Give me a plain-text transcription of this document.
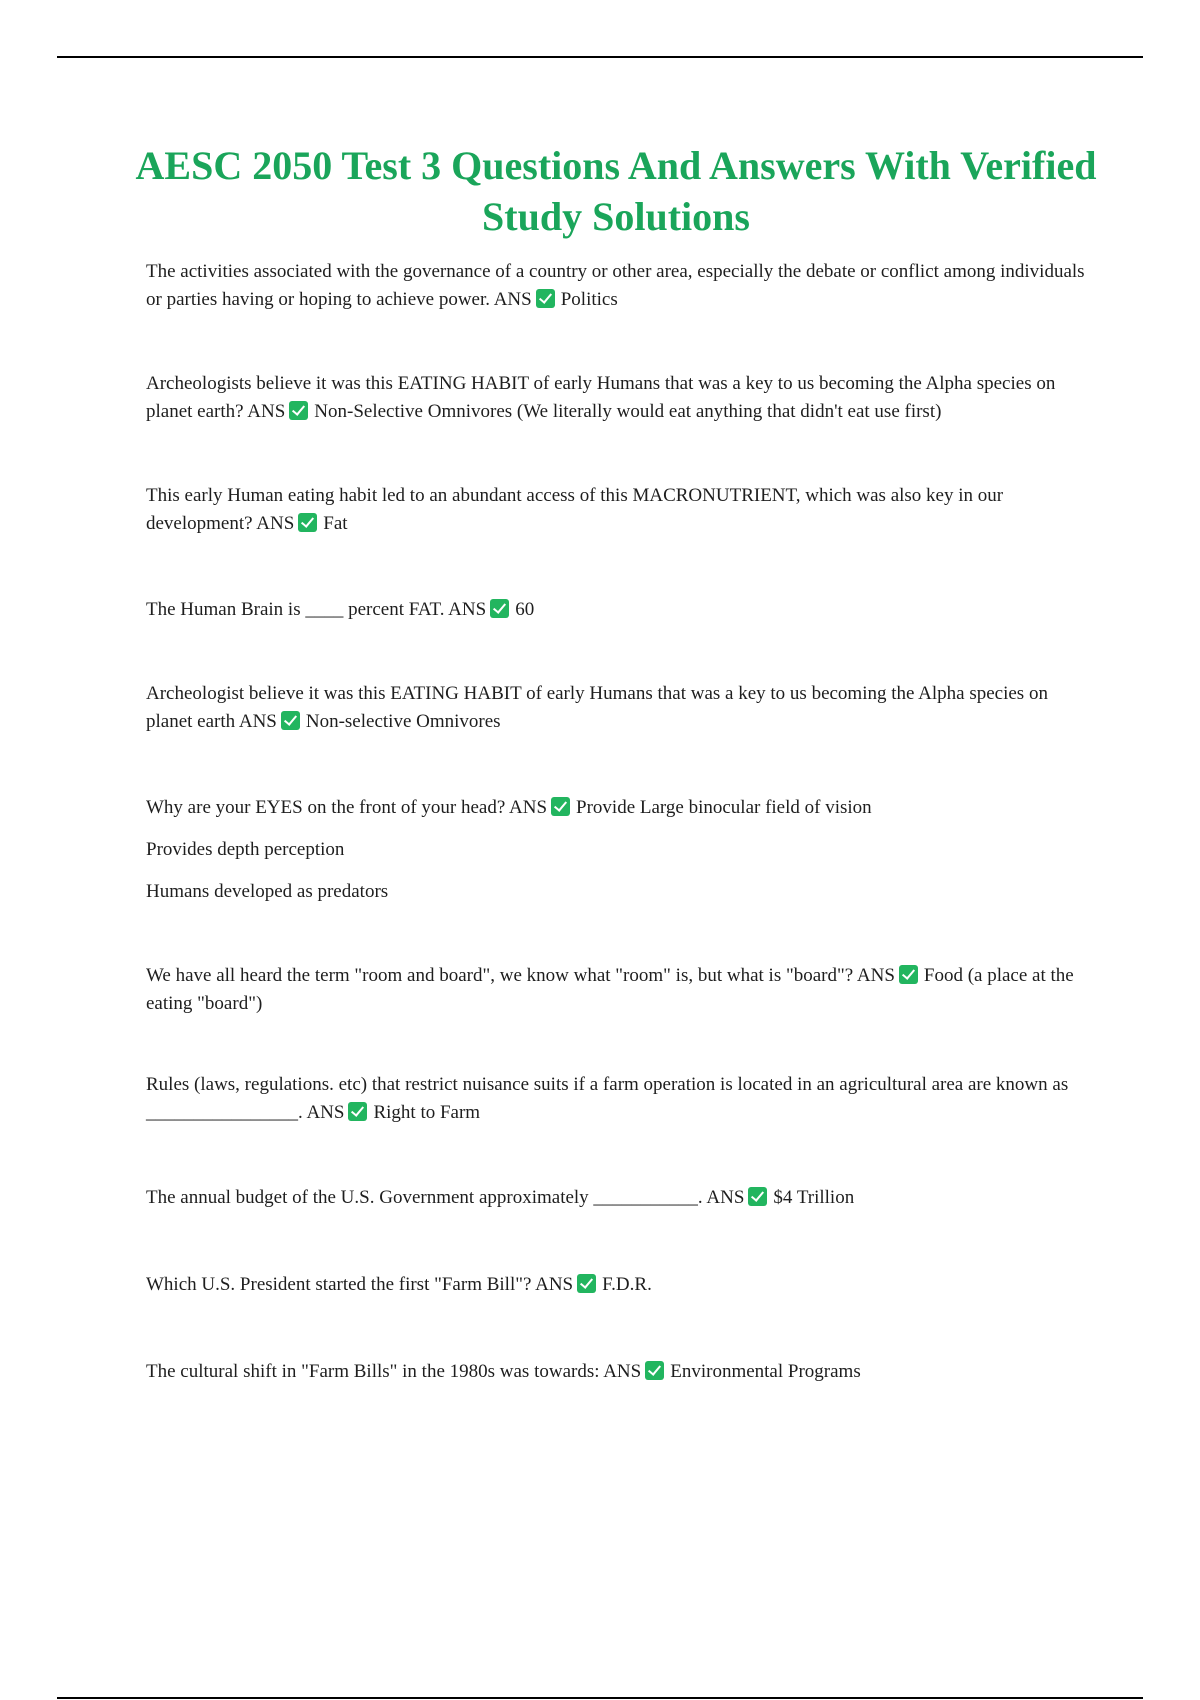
AESC 2050 Test 3 Questions And Answers With Verified Study Solutions
The activities associated with the governance of a country or other area, especially the debate or conflict among individuals or parties having or hoping to achieve power. ANS Politics
Archeologists believe it was this EATING HABIT of early Humans that was a key to us becoming the Alpha species on planet earth? ANS Non-Selective Omnivores (We literally would eat anything that didn't eat use first)
This early Human eating habit led to an abundant access of this MACRONUTRIENT, which was also key in our development? ANS Fat
The Human Brain is ____ percent FAT. ANS 60
Archeologist believe it was this EATING HABIT of early Humans that was a key to us becoming the Alpha species on planet earth ANS Non-selective Omnivores
Why are your EYES on the front of your head? ANS Provide Large binocular field of vision
Provides depth perception
Humans developed as predators
We have all heard the term "room and board", we know what "room" is, but what is "board"? ANS Food (a place at the eating "board")
Rules (laws, regulations. etc) that restrict nuisance suits if a farm operation is located in an agricultural area are known as ________________. ANS Right to Farm
The annual budget of the U.S. Government approximately ___________. ANS $4 Trillion
Which U.S. President started the first "Farm Bill"? ANS F.D.R.
The cultural shift in "Farm Bills" in the 1980s was towards: ANS Environmental Programs
